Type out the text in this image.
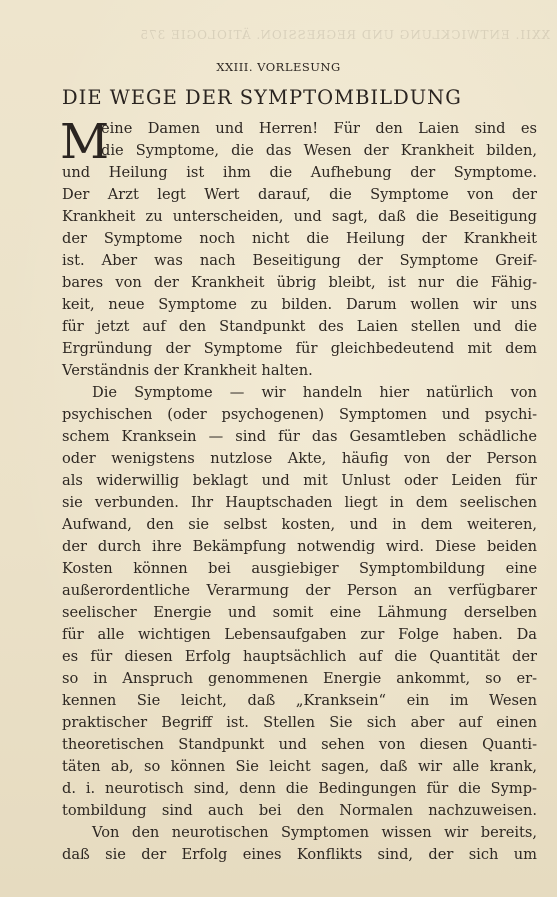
XXII. ENTWICKLUNG UND REGRESSION. ÄTIOLOGIE 375
XXIII. VORLESUNG
DIE WEGE DER SYMPTOMBILDUNG
M

eine Damen und Herren! Für den Laien sind es

die Symptome, die das Wesen der Krankheit bilden,

und Heilung ist ihm die Aufhebung der Symptome.

Der Arzt legt Wert darauf, die Symptome von der

Krankheit zu unterscheiden, und sagt, daß die Beseitigung

der Symptome noch nicht die Heilung der Krankheit

ist. Aber was nach Beseitigung der Symptome Greif-

bares von der Krankheit übrig bleibt, ist nur die Fähig-

keit, neue Symptome zu bilden. Darum wollen wir uns

für jetzt auf den Standpunkt des Laien stellen und die

Ergründung der Symptome für gleichbedeutend mit dem

Verständnis der Krankheit halten.

Die Symptome — wir handeln hier natürlich von

psychischen (oder psychogenen) Symptomen und psychi-

schem Kranksein — sind für das Gesamtleben schädliche

oder wenigstens nutzlose Akte, häufig von der Person

als widerwillig beklagt und mit Unlust oder Leiden für

sie verbunden. Ihr Hauptschaden liegt in dem seelischen

Aufwand, den sie selbst kosten, und in dem weiteren,

der durch ihre Bekämpfung notwendig wird. Diese beiden

Kosten können bei ausgiebiger Symptombildung eine

außerordentliche Verarmung der Person an verfügbarer

seelischer Energie und somit eine Lähmung derselben

für alle wichtigen Lebensaufgaben zur Folge haben. Da

es für diesen Erfolg hauptsächlich auf die Quantität der

so in Anspruch genommenen Energie ankommt, so er-

kennen Sie leicht, daß „Kranksein“ ein im Wesen

praktischer Begriff ist. Stellen Sie sich aber auf einen

theoretischen Standpunkt und sehen von diesen Quanti-

täten ab, so können Sie leicht sagen, daß wir alle krank,

d. i. neurotisch sind, denn die Bedingungen für die Symp-

tombildung sind auch bei den Normalen nachzuweisen.

Von den neurotischen Symptomen wissen wir bereits,

daß sie der Erfolg eines Konflikts sind, der sich um
